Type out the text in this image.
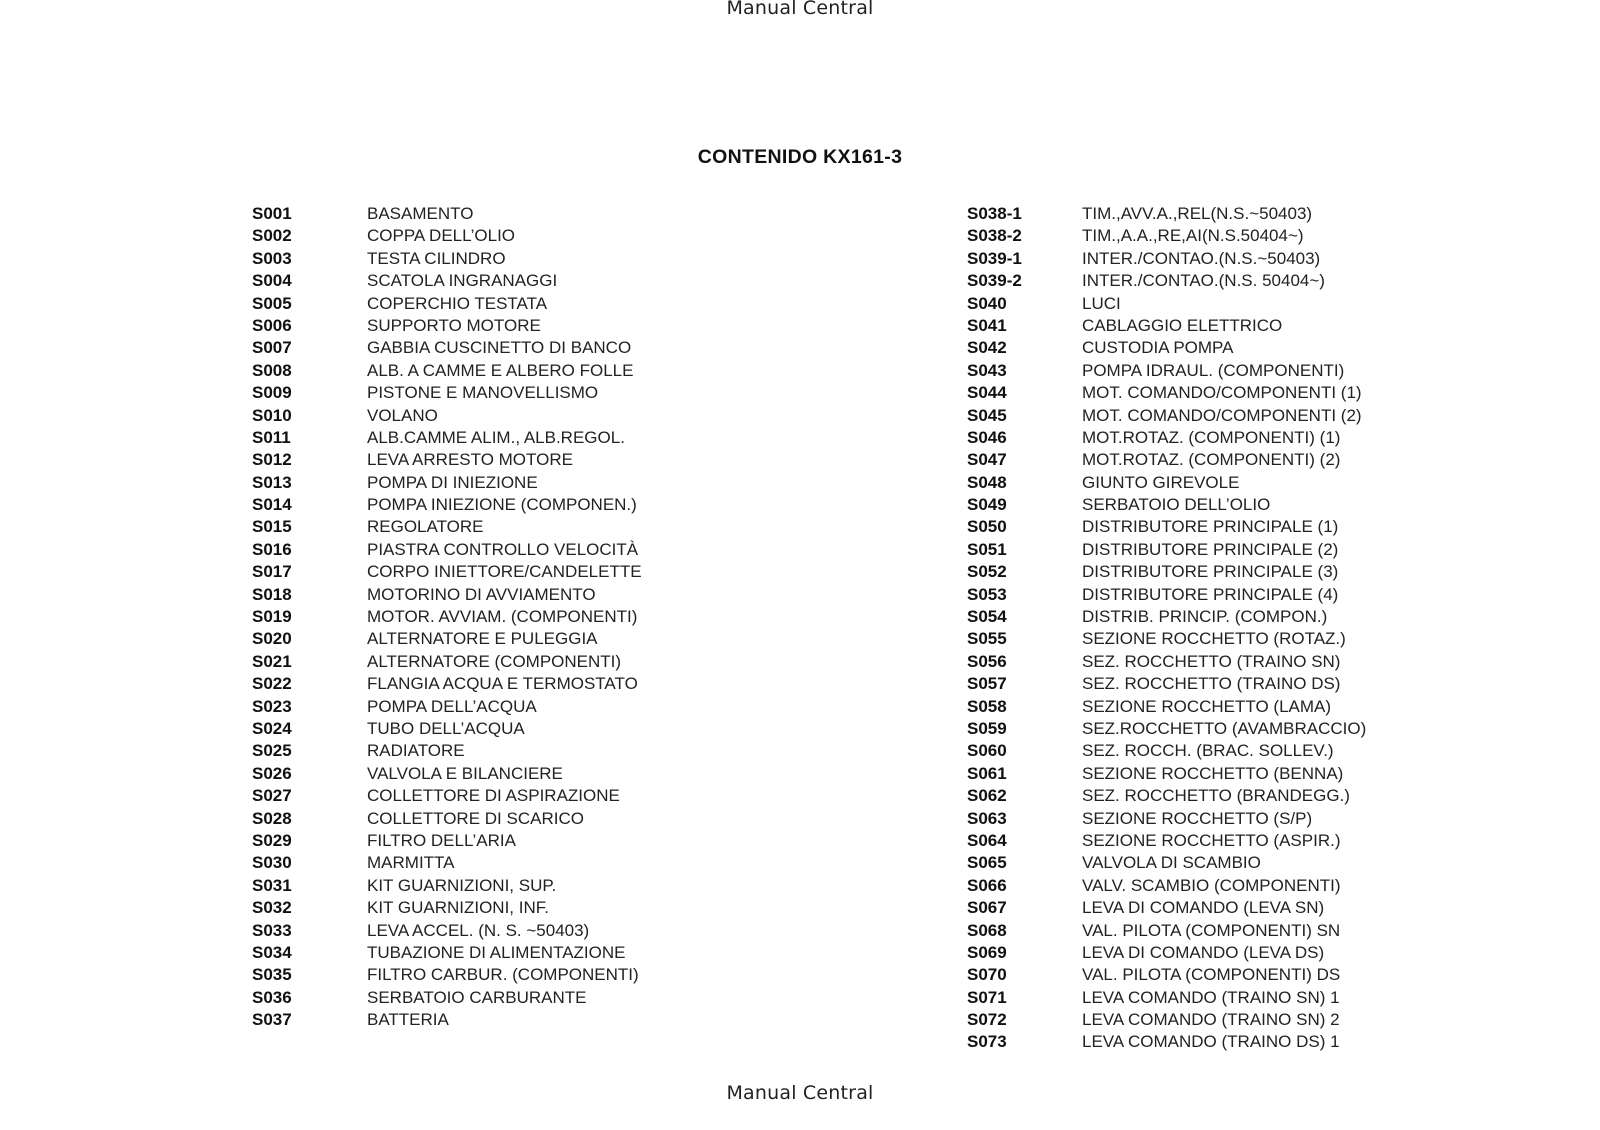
Manual Central
CONTENIDO KX161-3
S001	BASAMENTO
S002	COPPA DELL’OLIO
S003	TESTA CILINDRO
S004	SCATOLA INGRANAGGI
S005	COPERCHIO TESTATA
S006	SUPPORTO MOTORE
S007	GABBIA CUSCINETTO DI BANCO
S008	ALB. A CAMME E ALBERO FOLLE
S009	PISTONE E MANOVELLISMO
S010	VOLANO
S011	ALB.CAMME ALIM., ALB.REGOL.
S012	LEVA ARRESTO MOTORE
S013	POMPA DI INIEZIONE
S014	POMPA INIEZIONE (COMPONEN.)
S015	REGOLATORE
S016	PIASTRA CONTROLLO VELOCITÀ
S017	CORPO INIETTORE/CANDELETTE
S018	MOTORINO DI AVVIAMENTO
S019	MOTOR. AVVIAM. (COMPONENTI)
S020	ALTERNATORE E PULEGGIA
S021	ALTERNATORE (COMPONENTI)
S022	FLANGIA ACQUA E TERMOSTATO
S023	POMPA DELL’ACQUA
S024	TUBO DELL’ACQUA
S025	RADIATORE
S026	VALVOLA E BILANCIERE
S027	COLLETTORE DI ASPIRAZIONE
S028	COLLETTORE DI SCARICO
S029	FILTRO DELL’ARIA
S030	MARMITTA
S031	KIT GUARNIZIONI, SUP.
S032	KIT GUARNIZIONI, INF.
S033	LEVA ACCEL. (N. S. ~50403)
S034	TUBAZIONE DI ALIMENTAZIONE
S035	FILTRO CARBUR. (COMPONENTI)
S036	SERBATOIO CARBURANTE
S037	BATTERIA
S038-1	TIM.,AVV.A.,REL(N.S.~50403)
S038-2	TIM.,A.A.,RE,AI(N.S.50404~)
S039-1	INTER./CONTAO.(N.S.~50403)
S039-2	INTER./CONTAO.(N.S. 50404~)
S040	LUCI
S041	CABLAGGIO ELETTRICO
S042	CUSTODIA POMPA
S043	POMPA IDRAUL. (COMPONENTI)
S044	MOT. COMANDO/COMPONENTI (1)
S045	MOT. COMANDO/COMPONENTI (2)
S046	MOT.ROTAZ. (COMPONENTI) (1)
S047	MOT.ROTAZ. (COMPONENTI) (2)
S048	GIUNTO GIREVOLE
S049	SERBATOIO DELL’OLIO
S050	DISTRIBUTORE PRINCIPALE (1)
S051	DISTRIBUTORE PRINCIPALE (2)
S052	DISTRIBUTORE PRINCIPALE (3)
S053	DISTRIBUTORE PRINCIPALE (4)
S054	DISTRIB. PRINCIP. (COMPON.)
S055	SEZIONE ROCCHETTO (ROTAZ.)
S056	SEZ. ROCCHETTO (TRAINO SN)
S057	SEZ. ROCCHETTO (TRAINO DS)
S058	SEZIONE ROCCHETTO (LAMA)
S059	SEZ.ROCCHETTO (AVAMBRACCIO)
S060	SEZ. ROCCH. (BRAC. SOLLEV.)
S061	SEZIONE ROCCHETTO (BENNA)
S062	SEZ. ROCCHETTO (BRANDEGG.)
S063	SEZIONE ROCCHETTO (S/P)
S064	SEZIONE ROCCHETTO (ASPIR.)
S065	VALVOLA DI SCAMBIO
S066	VALV. SCAMBIO (COMPONENTI)
S067	LEVA DI COMANDO (LEVA SN)
S068	VAL. PILOTA (COMPONENTI) SN
S069	LEVA DI COMANDO (LEVA DS)
S070	VAL. PILOTA (COMPONENTI) DS
S071	LEVA COMANDO (TRAINO SN) 1
S072	LEVA COMANDO (TRAINO SN) 2
S073	LEVA COMANDO (TRAINO DS) 1
Manual Central
